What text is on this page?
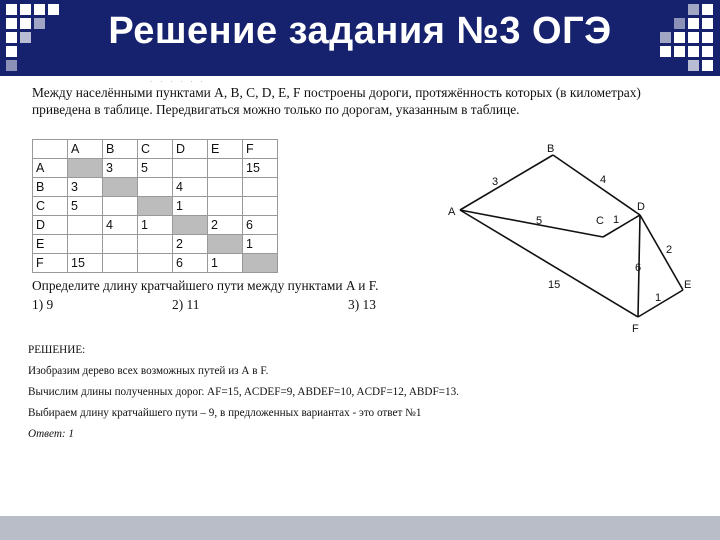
Решение задания №3 ОГЭ
· · · · · ·
Между населёнными пунктами A, B, C, D, E, F построены дороги, протяжённость которых (в километрах) приведена в таблице. Передвигаться можно только по дорогам, указанным в таблице.
	A	B	C	D	E	F
A		3	5			15
B	3			4		
C	5			1		
D		4	1		2	6
E				2		1
F	15			6	1	
Определите длину кратчайшего пути между пунктами A и F.
1) 9	2) 11	3) 13
3	4
5	1
2
6
15
1
A
B
C
D
E
F
РЕШЕНИЕ:
Изобразим дерево всех возможных путей из А в F.
Вычислим длины полученных дорог. AF=15, ACDEF=9, ABDEF=10, ACDF=12, ABDF=13.
Выбираем длину кратчайшего пути – 9, в предложенных вариантах - это ответ №1
Ответ: 1
